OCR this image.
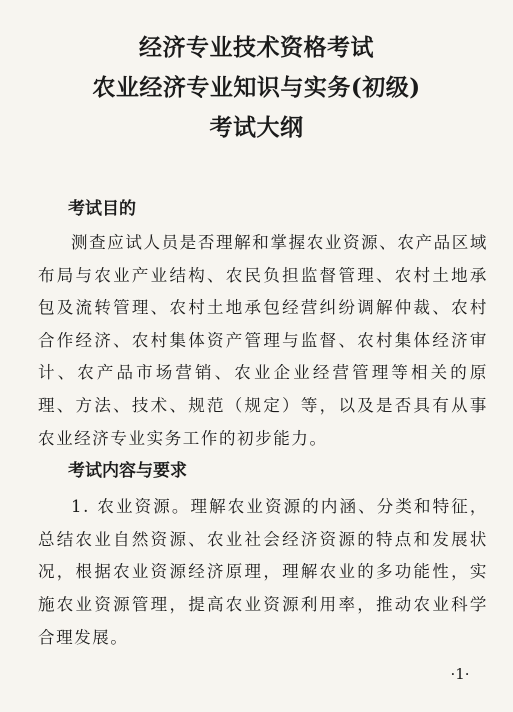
经济专业技术资格考试
农业经济专业知识与实务(初级)
考试大纲
考试目的

测查应试人员是否理解和掌握农业资源、农产品区域布局与农业产业结构、农民负担监督管理、农村土地承包及流转管理、农村土地承包经营纠纷调解仲裁、农村合作经济、农村集体资产管理与监督、农村集体经济审计、农产品市场营销、农业企业经营管理等相关的原理、方法、技术、规范（规定）等，以及是否具有从事农业经济专业实务工作的初步能力。

考试内容与要求

1. 农业资源。理解农业资源的内涵、分类和特征，总结农业自然资源、农业社会经济资源的特点和发展状况，根据农业资源经济原理，理解农业的多功能性，实施农业资源管理，提高农业资源利用率，推动农业科学合理发展。

·1·
